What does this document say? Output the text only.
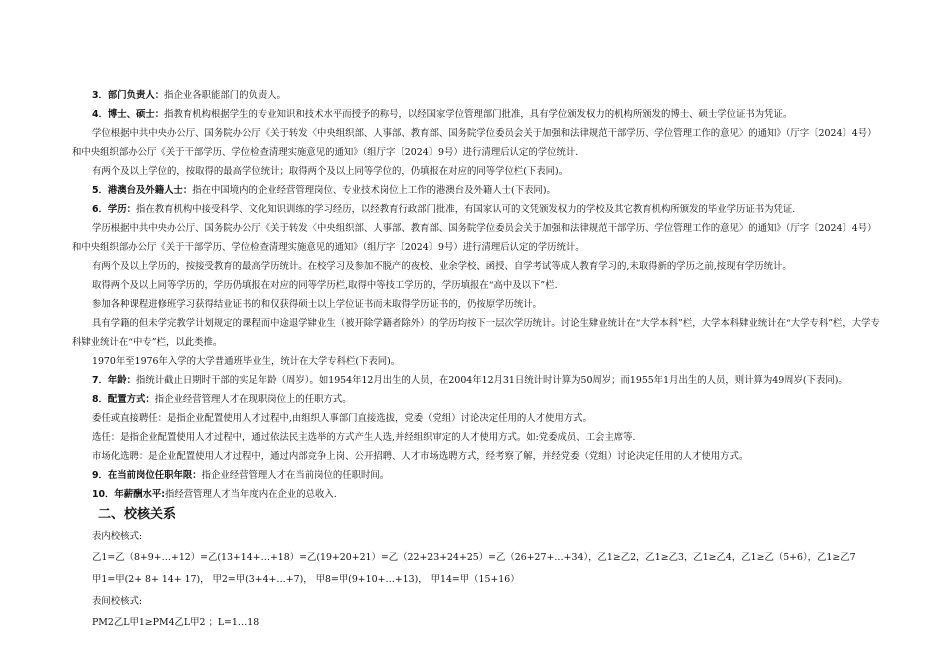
3．部门负责人：指企业各职能部门的负责人。

4．博士、硕士：指教育机构根据学生的专业知识和技术水平而授予的称号，以经国家学位管理部门批准，具有学位颁发权力的机构所颁发的博士、硕士学位证书为凭证。

学位根据中共中央办公厅、国务院办公厅《关于转发〈中央组织部、人事部、教育部、国务院学位委员会关于加强和法律规范干部学历、学位管理工作的意见〉的通知》（厅字〔2024〕4号）和中央组织部办公厅《关于干部学历、学位检查清理实施意见的通知》（组厅字〔2024〕9号）进行清理后认定的学位统计.

有两个及以上学位的，按取得的最高学位统计；取得两个及以上同等学位的，仍填报在对应的同等学位栏(下表同)。

5．港澳台及外籍人士：指在中国境内的企业经营管理岗位、专业技术岗位上工作的港澳台及外籍人士(下表同)。

6．学历：指在教育机构中接受科学、文化知识训练的学习经历，以经教育行政部门批准，有国家认可的文凭颁发权力的学校及其它教育机构所颁发的毕业学历证书为凭证.

学历根据中共中央办公厅、国务院办公厅《关于转发〈中央组织部、人事部、教育部、国务院学位委员会关于加强和法律规范干部学历、学位管理工作的意见〉的通知》（厅字〔2024〕4号）和中央组织部办公厅《关于干部学历、学位检查清理实施意见的通知》（组厅字〔2024〕9号）进行清理后认定的学历统计。

有两个及以上学历的，按接受教育的最高学历统计。在校学习及参加不脱产的夜校、业余学校、函授、自学考试等成人教育学习的,未取得新的学历之前,按现有学历统计。

取得两个及以上同等学历的，学历仍填报在对应的同等学历栏,取得中等技工学历的，学历填报在“高中及以下”栏.

参加各种课程进修班学习获得结业证书的和仅获得硕士以上学位证书而未取得学历证书的，仍按原学历统计。

具有学籍的但未学完教学计划规定的课程而中途退学肄业生（被开除学籍者除外）的学历均按下一层次学历统计。讨论生肄业统计在“大学本科”栏，大学本科肄业统计在“大学专科”栏，大学专科肄业统计在“中专”栏，以此类推。

1970年至1976年入学的大学普通班毕业生，统计在大学专科栏(下表同)。

7．年龄：指统计截止日期时干部的实足年龄（周岁）。如1954年12月出生的人员，在2004年12月31日统计时计算为50周岁；而1955年1月出生的人员，则计算为49周岁(下表同)。

8．配置方式：指企业经营管理人才在现职岗位上的任职方式。

委任或直接聘任：是指企业配置使用人才过程中,由组织人事部门直接选拔，党委（党组）讨论决定任用的人才使用方式。

选任：是指企业配置使用人才过程中，通过依法民主选举的方式产生人选,并经组织审定的人才使用方式。如:党委成员、工会主席等.

市场化选聘：是企业配置使用人才过程中，通过内部竞争上岗、公开招聘、人才市场选聘方式，经考察了解，并经党委（党组）讨论决定任用的人才使用方式。

9．在当前岗位任职年限：指企业经营管理人才在当前岗位的任职时间。

10．年薪酬水平:指经营管理人才当年度内在企业的总收入.

二、校核关系

表内校核式:

乙1=乙（8+9+…+12）=乙(13+14+…+18）=乙(19+20+21）=乙（22+23+24+25）=乙（26+27+…+34），乙1≥乙2，乙1≥乙3，乙1≥乙4，乙1≥乙（5+6），乙1≥乙7

甲1=甲(2+ 8+ 14+ 17)， 甲2=甲(3+4+…+7)， 甲8=甲(9+10+…+13)， 甲14=甲（15+16）

表间校核式:

PM2乙L甲1≥PM4乙L甲2 ；L=1…18
